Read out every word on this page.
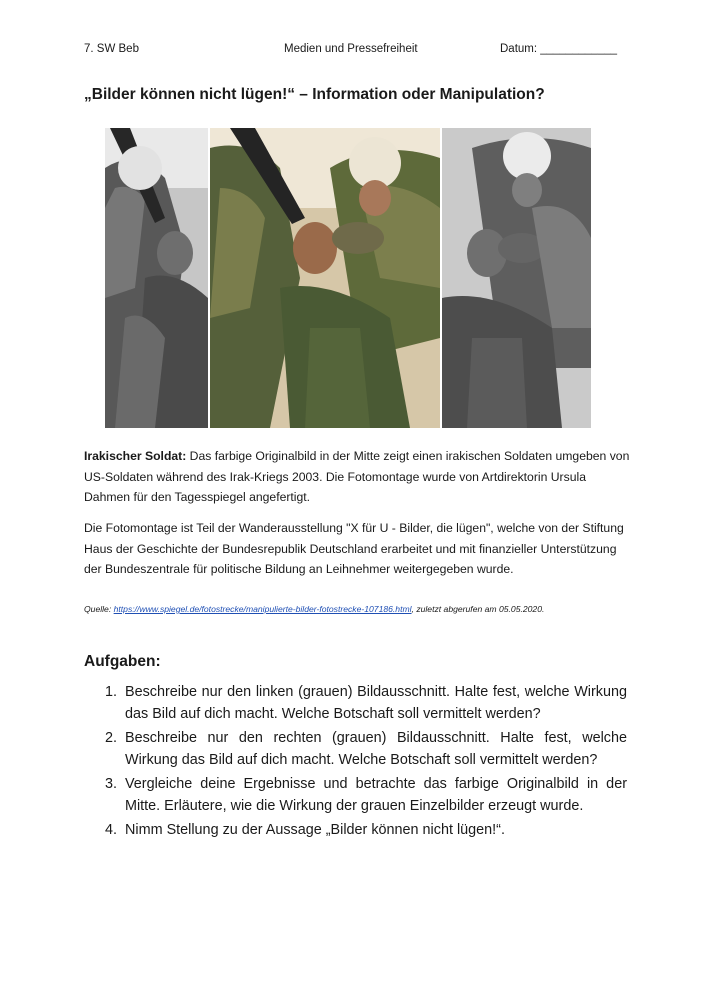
7. SW Beb	Medien und Pressefreiheit	Datum: ____________
„Bilder können nicht lügen!“ – Information oder Manipulation?

Irakischer Soldat: Das farbige Originalbild in der Mitte zeigt einen irakischen Soldaten umgeben von US-Soldaten während des Irak-Kriegs 2003. Die Fotomontage wurde von Artdirektorin Ursula Dahmen für den Tagesspiegel angefertigt.

Die Fotomontage ist Teil der Wanderausstellung "X für U - Bilder, die lügen", welche von der Stiftung Haus der Geschichte der Bundesrepublik Deutschland erarbeitet und mit finanzieller Unterstützung der Bundeszentrale für politische Bildung an Leihnehmer weitergegeben wurde.

Quelle: https://www.spiegel.de/fotostrecke/manipulierte-bilder-fotostrecke-107186.html, zuletzt abgerufen am 05.05.2020.
Aufgaben:
1. Beschreibe nur den linken (grauen) Bildausschnitt. Halte fest, welche Wirkung das Bild auf dich macht. Welche Botschaft soll vermittelt werden?
2. Beschreibe nur den rechten (grauen) Bildausschnitt. Halte fest, welche Wirkung das Bild auf dich macht. Welche Botschaft soll vermittelt werden?
3. Vergleiche deine Ergebnisse und betrachte das farbige Originalbild in der Mitte. Erläutere, wie die Wirkung der grauen Einzelbilder erzeugt wurde.
4. Nimm Stellung zu der Aussage „Bilder können nicht lügen!“.
